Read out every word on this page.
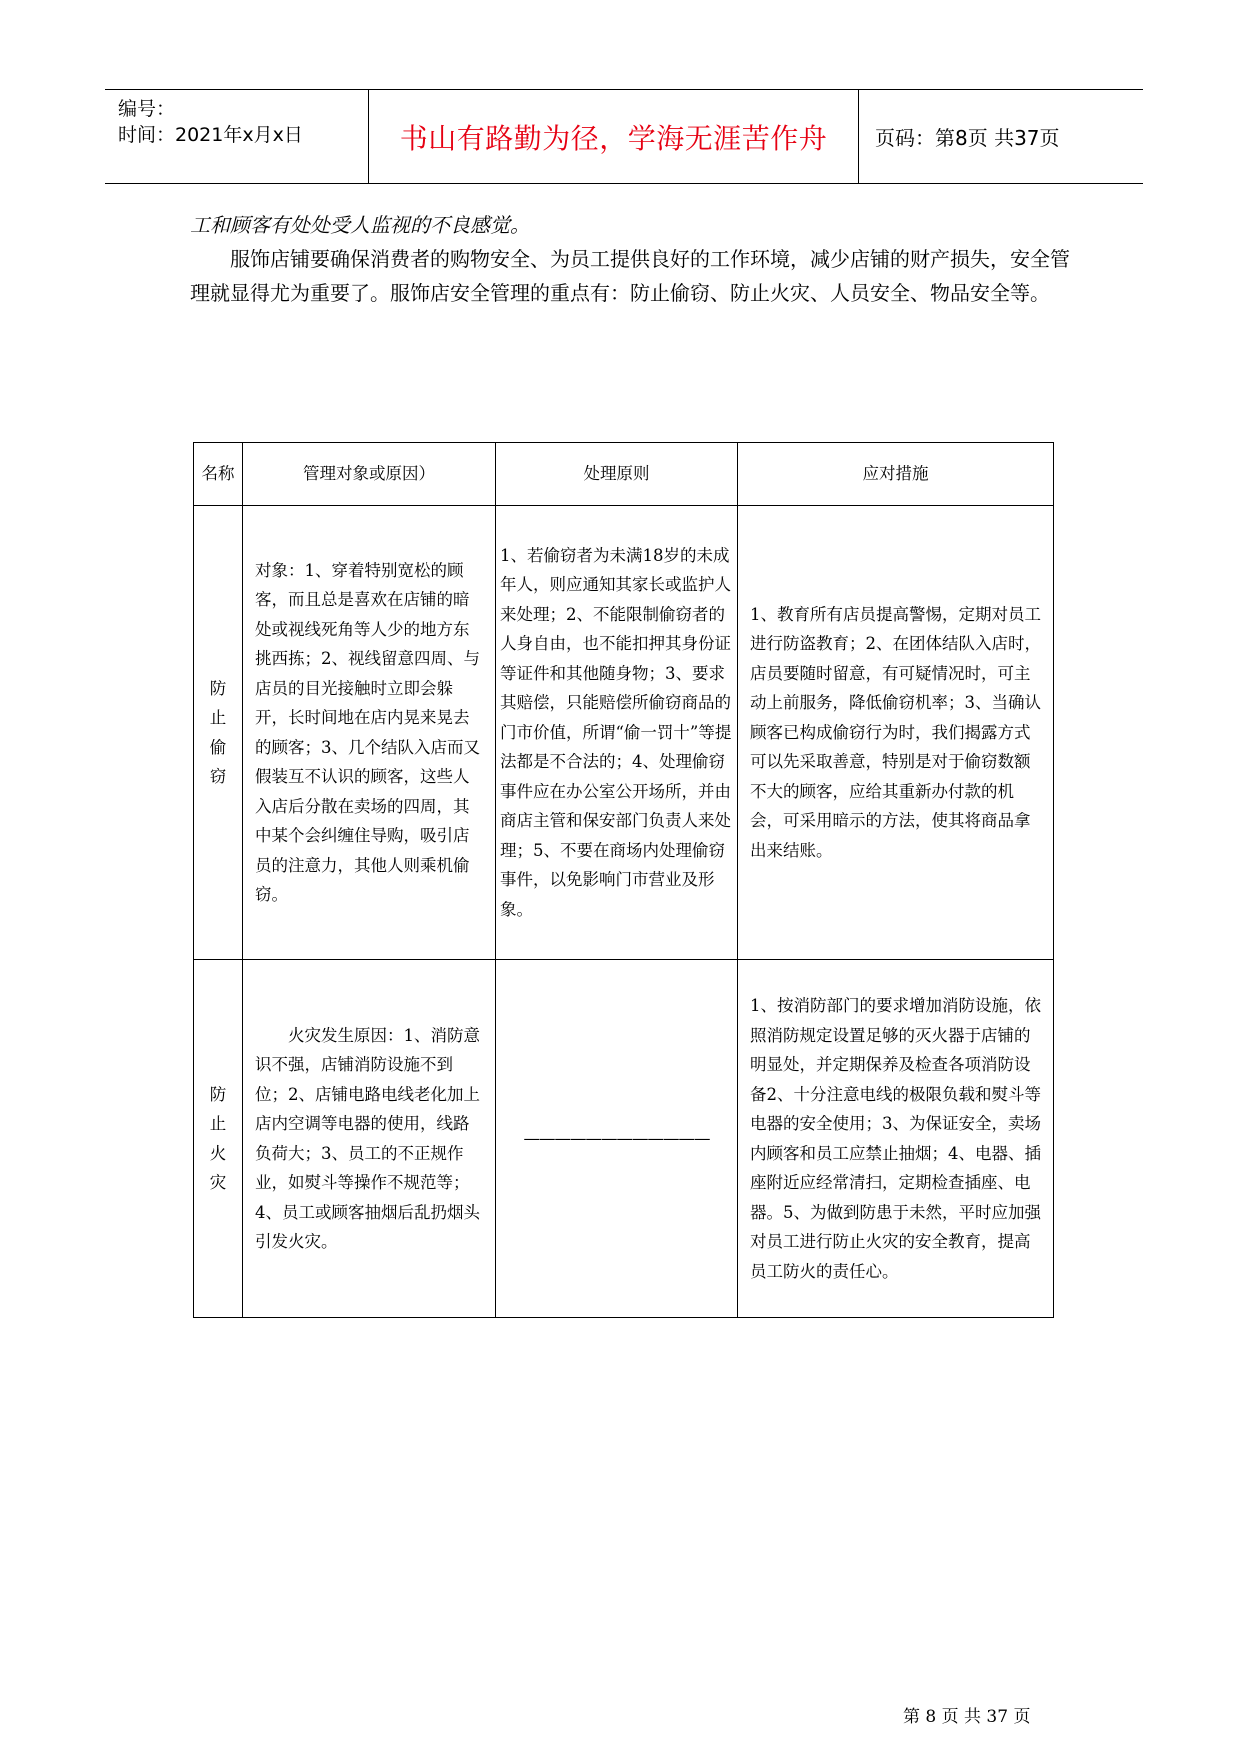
编号：
时间：2021年x月x日	书山有路勤为径，学海无涯苦作舟 页码：第8页 共37页
工和顾客有处处受人监视的不良感觉。
服饰店铺要确保消费者的购物安全、为员工提供良好的工作环境，减少店铺的财产损失，安全管理就显得尤为重要了。服饰店安全管理的重点有：防止偷窃、防止火灾、人员安全、物品安全等。
名称	管理对象或原因）	处理原则	应对措施

防
止
偷
窃	对象：1、穿着特别宽松的顾客，而且总是喜欢在店铺的暗处或视线死角等人少的地方东挑西拣；2、视线留意四周、与店员的目光接触时立即会躲开，长时间地在店内晃来晃去的顾客；3、几个结队入店而又假装互不认识的顾客，这些人入店后分散在卖场的四周，其中某个会纠缠住导购，吸引店员的注意力，其他人则乘机偷窃。	1、若偷窃者为未满18岁的未成年人，则应通知其家长或监护人来处理；2、不能限制偷窃者的人身自由，也不能扣押其身份证等证件和其他随身物；3、要求其赔偿，只能赔偿所偷窃商品的门市价值，所谓“偷一罚十”等提法都是不合法的；4、处理偷窃事件应在办公室公开场所，并由商店主管和保安部门负责人来处理；5、不要在商场内处理偷窃事件，以免影响门市营业及形象。	1、教育所有店员提高警惕，定期对员工进行防盗教育；2、在团体结队入店时，店员要随时留意，有可疑情况时，可主动上前服务，降低偷窃机率；3、当确认顾客已构成偷窃行为时，我们揭露方式可以先采取善意，特别是对于偷窃数额不大的顾客，应给其重新办付款的机会，可采用暗示的方法，使其将商品拿出来结账。

防
止
火
灾	火灾发生原因：1、消防意识不强，店铺消防设施不到位；2、店铺电路电线老化加上店内空调等电器的使用，线路负荷大；3、员工的不正规作业，如熨斗等操作不规范等；4、员工或顾客抽烟后乱扔烟头引发火灾。	————————————	1、按消防部门的要求增加消防设施，依照消防规定设置足够的灭火器于店铺的明显处，并定期保养及检查各项消防设备2、十分注意电线的极限负载和熨斗等电器的安全使用；3、为保证安全，卖场内顾客和员工应禁止抽烟；4、电器、插座附近应经常清扫，定期检查插座、电器。5、为做到防患于未然，平时应加强对员工进行防止火灾的安全教育，提高员工防火的责任心。
第 8 页 共 37 页
